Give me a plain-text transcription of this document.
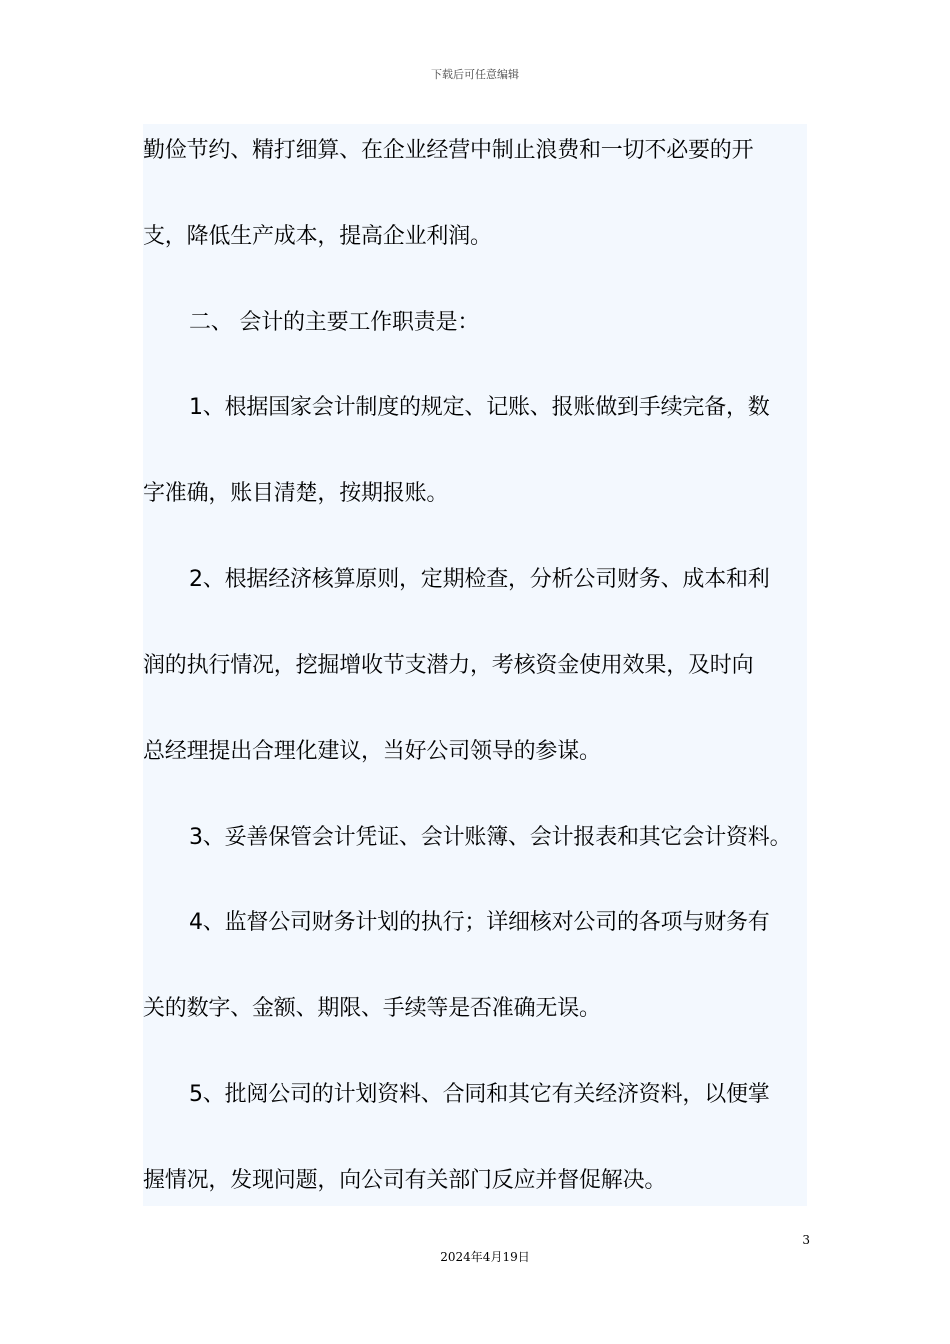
下载后可任意编辑
勤俭节约、精打细算、在企业经营中制止浪费和一切不必要的开
支，降低生产成本，提高企业利润。
二、 会计的主要工作职责是：
1、根据国家会计制度的规定、记账、报账做到手续完备，数
字准确，账目清楚，按期报账。
2、根据经济核算原则，定期检查，分析公司财务、成本和利
润的执行情况，挖掘增收节支潜力，考核资金使用效果，及时向
总经理提出合理化建议，当好公司领导的参谋。
3、妥善保管会计凭证、会计账簿、会计报表和其它会计资料。
4、监督公司财务计划的执行；详细核对公司的各项与财务有
关的数字、金额、期限、手续等是否准确无误。
5、批阅公司的计划资料、合同和其它有关经济资料，以便掌
握情况，发现问题，向公司有关部门反应并督促解决。
3
2024年4月19日
